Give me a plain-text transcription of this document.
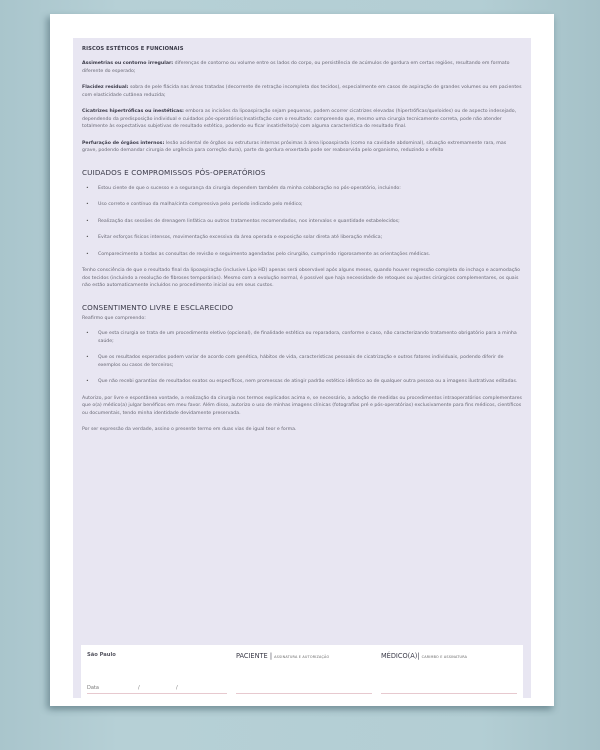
RISCOS ESTÉTICOS E FUNCIONAIS

Assimetrias ou contorno irregular: diferenças de contorno ou volume entre os lados do corpo, ou persistência de acúmulos de gordura em certas regiões, resultando em formato diferente do esperado;

Flacidez residual: sobra de pele flácida nas áreas tratadas (decorrente de retração incompleta dos tecidos), especialmente em casos de aspiração de grandes volumes ou em pacientes com elasticidade cutânea reduzida;

Cicatrizes hipertróficas ou inestéticas: embora as incisões da lipoaspiração sejam pequenas, podem ocorrer cicatrizes elevadas (hipertróficas/queloides) ou de aspecto indesejado, dependendo da predisposição individual e cuidados pós-operatórios;Insatisfação com o resultado: compreendo que, mesmo uma cirurgia tecnicamente correta, pode não atender totalmente às expectativas subjetivas de resultado estético, podendo eu ficar insatisfeito(a) com alguma característica do resultado final.

Perfuração de órgãos internos: lesão acidental de órgãos ou estruturas internas próximas à área lipoaspirada (como na cavidade abdominal), situação extremamente rara, mas grave, podendo demandar cirurgia de urgência para correção dura), parte da gordura enxertada pode ser reabsorvida pelo organismo, reduzindo o efeito

CUIDADOS E COMPROMISSOS PÓS-OPERATÓRIOS
• Estou ciente de que o sucesso e a segurança da cirurgia dependem também da minha colaboração no pós-operatório, incluindo:
• Uso correto e contínuo da malha/cinta compressiva pelo período indicado pelo médico;
• Realização das sessões de drenagem linfática ou outros tratamentos recomendados, nos intervalos e quantidade estabelecidos;
• Evitar esforços físicos intensos, movimentação excessiva da área operada e exposição solar direta até liberação médica;
• Comparecimento a todas as consultas de revisão e seguimento agendadas pelo cirurgião, cumprindo rigorosamente as orientações médicas.

Tenho consciência de que o resultado final da lipoaspiração (inclusive Lipo HD) apenas será observável após alguns meses, quando houver regressão completa do inchaço e acomodação dos tecidos (incluindo a resolução de fibroses temporárias). Mesmo com a evolução normal, é possível que haja necessidade de retoques ou ajustes cirúrgicos complementares, os quais não estão automaticamente incluídos no procedimento inicial ou em seus custos.

CONSENTIMENTO LIVRE E ESCLARECIDO

Reafirmo que compreendo:

• Que esta cirurgia se trata de um procedimento eletivo (opcional), de finalidade estética ou reparadora, conforme o caso, não caracterizando tratamento obrigatório para a minha saúde;
• Que os resultados esperados podem variar de acordo com genética, hábitos de vida, características pessoais de cicatrização e outros fatores individuais, podendo diferir de exemplos ou casos de terceiros;
• Que não recebi garantias de resultados exatos ou específicos, nem promessas de atingir padrão estético idêntico ao de qualquer outra pessoa ou a imagens ilustrativas editadas.

Autorizo, por livre e espontânea vontade, a realização da cirurgia nos termos explicados acima e, se necessário, a adoção de medidas ou procedimentos intraoperatórios complementares que o(a) médico(a) julgar benéficos em meu favor. Além disso, autorizo o uso de minhas imagens clínicas (fotografias pré e pós-operatórias) exclusivamente para fins médicos, científicos ou documentais, tendo minha identidade devidamente preservada.

Por ser expressão da verdade, assino o presente termo em duas vias de igual teor e forma.

São Paulo
Data	/	/
PACIENTE | ASSINATURA E AUTORIZAÇÃO	MÉDICO(A)| CARIMBO E ASSINATURA
